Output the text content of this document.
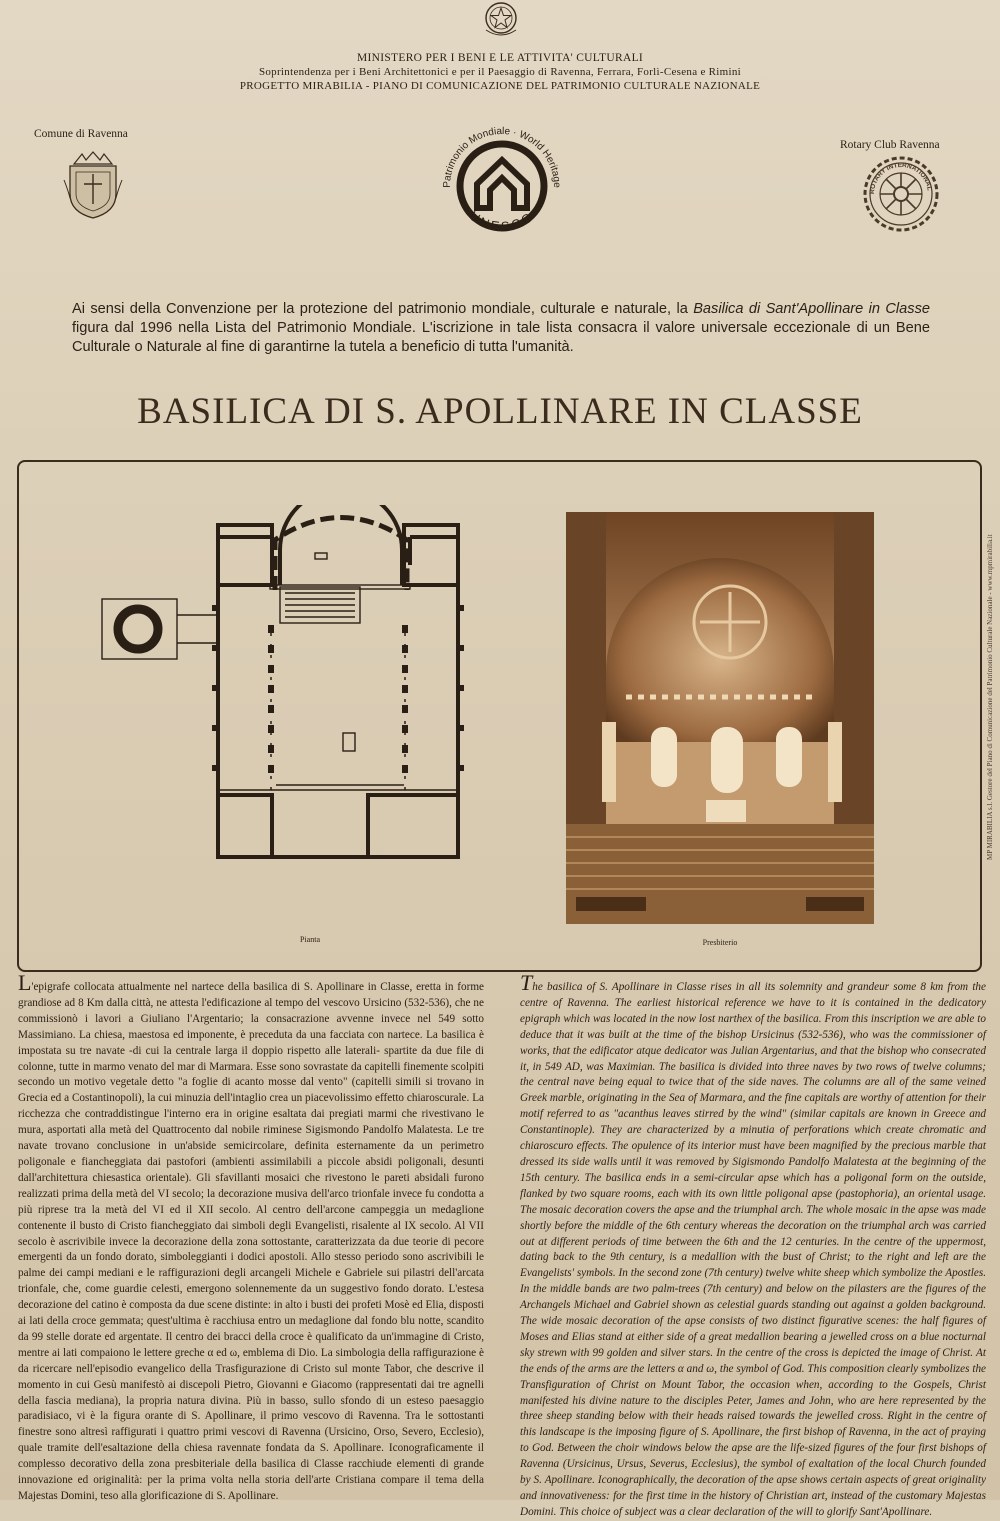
MINISTERO PER I BENI E LE ATTIVITA' CULTURALI
Soprintendenza per i Beni Architettonici e per il Paesaggio di Ravenna, Ferrara, Forlì-Cesena e Rimini
PROGETTO MIRABILIA - PIANO DI COMUNICAZIONE DEL PATRIMONIO CULTURALE NAZIONALE
Comune di Ravenna
Rotary Club Ravenna
Patrimonio Mondiale · World Heritage
UNESCO
ROTARY INTERNATIONAL

Ai sensi della Convenzione per la protezione del patrimonio mondiale, culturale e naturale, la Basilica di Sant'Apollinare in Classe figura dal 1996 nella Lista del Patrimonio Mondiale. L'iscrizione in tale lista consacra il valore universale eccezionale di un Bene Culturale o Naturale al fine di garantirne la tutela a beneficio di tutta l'umanità.

BASILICA DI S. APOLLINARE IN CLASSE
Pianta	Presbiterio
MP MIRABILIA s.l. Gestore del Piano di Comunicazione del Patrimonio Culturale Nazionale - www.mpmirabilia.it
L'epigrafe collocata attualmente nel nartece della basilica di S. Apollinare in Classe, eretta in forme grandiose ad 8 Km dalla città, ne attesta l'edificazione al tempo del vescovo Ursicino (532-536), che ne commissionò i lavori a Giuliano l'Argentario; la consacrazione avvenne invece nel 549 sotto Massimiano. La chiesa, maestosa ed imponente, è preceduta da una facciata con nartece. La basilica è impostata su tre navate -di cui la centrale larga il doppio rispetto alle laterali- spartite da due file di colonne, tutte in marmo venato del mar di Marmara. Esse sono sovrastate da capitelli finemente scolpiti secondo un motivo vegetale detto "a foglie di acanto mosse dal vento" (capitelli simili si trovano in Grecia ed a Costantinopoli), la cui minuzia dell'intaglio crea un piacevolissimo effetto chiaroscurale. La ricchezza che contraddistingue l'interno era in origine esaltata dai pregiati marmi che rivestivano le mura, asportati alla metà del Quattrocento dal nobile riminese Sigismondo Pandolfo Malatesta. Le tre navate trovano conclusione in un'abside semicircolare, definita esternamente da un perimetro poligonale e fiancheggiata dai pastofori (ambienti assimilabili a piccole absidi poligonali, desunti dall'architettura chiesastica orientale). Gli sfavillanti mosaici che rivestono le pareti absidali furono realizzati prima della metà del VI secolo; la decorazione musiva dell'arco trionfale invece fu condotta a più riprese tra la metà del VI ed il XII secolo. Al centro dell'arcone campeggia un medaglione contenente il busto di Cristo fiancheggiato dai simboli degli Evangelisti, risalente al IX secolo. Al VII secolo è ascrivibile invece la decorazione della zona sottostante, caratterizzata da due teorie di pecore emergenti da un fondo dorato, simboleggianti i dodici apostoli. Allo stesso periodo sono ascrivibili le palme dei campi mediani e le raffigurazioni degli arcangeli Michele e Gabriele sui pilastri dell'arcata trionfale, che, come guardie celesti, emergono solennemente da un suggestivo fondo dorato. L'estesa decorazione del catino è composta da due scene distinte: in alto i busti dei profeti Mosè ed Elia, disposti ai lati della croce gemmata; quest'ultima è racchiusa entro un medaglione dal fondo blu notte, scandito da 99 stelle dorate ed argentate. Il centro dei bracci della croce è qualificato da un'immagine di Cristo, mentre ai lati compaiono le lettere greche α ed ω, emblema di Dio. La simbologia della raffigurazione è da ricercare nell'episodio evangelico della Trasfigurazione di Cristo sul monte Tabor, che descrive il momento in cui Gesù manifestò ai discepoli Pietro, Giovanni e Giacomo (rappresentati dai tre agnelli della fascia mediana), la propria natura divina. Più in basso, sullo sfondo di un esteso paesaggio paradisiaco, vi è la figura orante di S. Apollinare, il primo vescovo di Ravenna. Tra le sottostanti finestre sono altresì raffigurati i quattro primi vescovi di Ravenna (Ursicino, Orso, Severo, Ecclesio), quale tramite dell'esaltazione della chiesa ravennate fondata da S. Apollinare. Iconograficamente il complesso decorativo della zona presbiteriale della basilica di Classe racchiude elementi di grande innovazione ed originalità: per la prima volta nella storia dell'arte Cristiana compare il tema della Majestas Domini, teso alla glorificazione di S. Apollinare.
The basilica of S. Apollinare in Classe rises in all its solemnity and grandeur some 8 km from the centre of Ravenna. The earliest historical reference we have to it is contained in the dedicatory epigraph which was located in the now lost narthex of the basilica. From this inscription we are able to deduce that it was built at the time of the bishop Ursicinus (532-536), who was the commissioner of works, that the edificator atque dedicator was Julian Argentarius, and that the bishop who consecrated it, in 549 AD, was Maximian. The basilica is divided into three naves by two rows of twelve columns; the central nave being equal to twice that of the side naves. The columns are all of the same veined Greek marble, originating in the Sea of Marmara, and the fine capitals are worthy of attention for their motif referred to as "acanthus leaves stirred by the wind" (similar capitals are known in Greece and Constantinople). They are characterized by a minutia of perforations which create chromatic and chiaroscuro effects. The opulence of its interior must have been magnified by the precious marble that dressed its side walls until it was removed by Sigismondo Pandolfo Malatesta at the beginning of the 15th century. The basilica ends in a semi-circular apse which has a poligonal form on the outside, flanked by two square rooms, each with its own little poligonal apse (pastophoria), an oriental usage. The mosaic decoration covers the apse and the triumphal arch. The whole mosaic in the apse was made shortly before the middle of the 6th century whereas the decoration on the triumphal arch was carried out at different periods of time between the 6th and the 12 centuries. In the centre of the uppermost, dating back to the 9th century, is a medallion with the bust of Christ; to the right and left are the Evangelists' symbols. In the second zone (7th century) twelve white sheep which symbolize the Apostles. In the middle bands are two palm-trees (7th century) and below on the pilasters are the figures of the Archangels Michael and Gabriel shown as celestial guards standing out against a golden background. The wide mosaic decoration of the apse consists of two distinct figurative scenes: the half figures of Moses and Elias stand at either side of a great medallion bearing a jewelled cross on a blue nocturnal sky strewn with 99 golden and silver stars. In the centre of the cross is depicted the image of Christ. At the ends of the arms are the letters α and ω, the symbol of God. This composition clearly symbolizes the Transfiguration of Christ on Mount Tabor, the occasion when, according to the Gospels, Christ manifested his divine nature to the disciples Peter, James and John, who are here represented by the three sheep standing below with their heads raised towards the jewelled cross. Right in the centre of this landscape is the imposing figure of S. Apollinare, the first bishop of Ravenna, in the act of praying to God. Between the choir windows below the apse are the life-sized figures of the four first bishops of Ravenna (Ursicinus, Ursus, Severus, Ecclesius), the symbol of exaltation of the local Church founded by S. Apollinare. Iconographically, the decoration of the apse shows certain aspects of great originality and innovativeness: for the first time in the history of Christian art, instead of the customary Majestas Domini. This choice of subject was a clear declaration of the will to glorify Sant'Apollinare.
